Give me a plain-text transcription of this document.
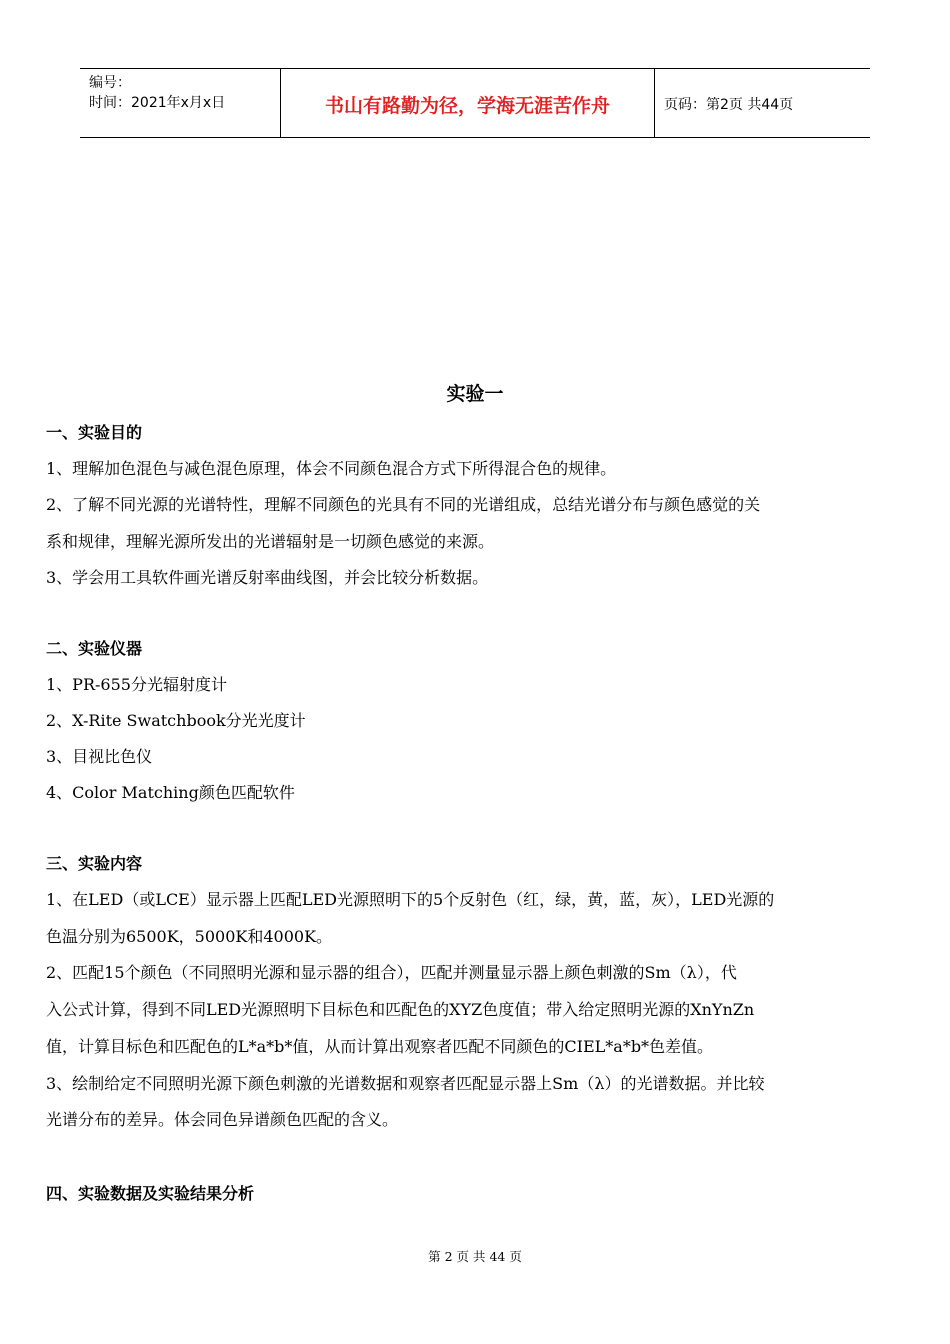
编号：
时间：2021年x月x日	书山有路勤为径，学海无涯苦作舟	页码：第2页 共44页
实验一
一、实验目的
1、理解加色混色与减色混色原理，体会不同颜色混合方式下所得混合色的规律。
2、了解不同光源的光谱特性，理解不同颜色的光具有不同的光谱组成，总结光谱分布与颜色感觉的关
系和规律，理解光源所发出的光谱辐射是一切颜色感觉的来源。
3、学会用工具软件画光谱反射率曲线图，并会比较分析数据。
二、实验仪器
1、PR-655分光辐射度计
2、X-Rite Swatchbook分光光度计
3、目视比色仪
4、Color Matching颜色匹配软件
三、实验内容
1、在LED（或LCE）显示器上匹配LED光源照明下的5个反射色（红，绿，黄，蓝，灰），LED光源的
色温分别为6500K，5000K和4000K。
2、匹配15个颜色（不同照明光源和显示器的组合），匹配并测量显示器上颜色刺激的Sm（λ），代
入公式计算，得到不同LED光源照明下目标色和匹配色的XYZ色度值；带入给定照明光源的XnYnZn
值，计算目标色和匹配色的L*a*b*值，从而计算出观察者匹配不同颜色的CIEL*a*b*色差值。
3、绘制给定不同照明光源下颜色刺激的光谱数据和观察者匹配显示器上Sm（λ）的光谱数据。并比较
光谱分布的差异。体会同色异谱颜色匹配的含义。
四、实验数据及实验结果分析
第 2 页 共 44 页
